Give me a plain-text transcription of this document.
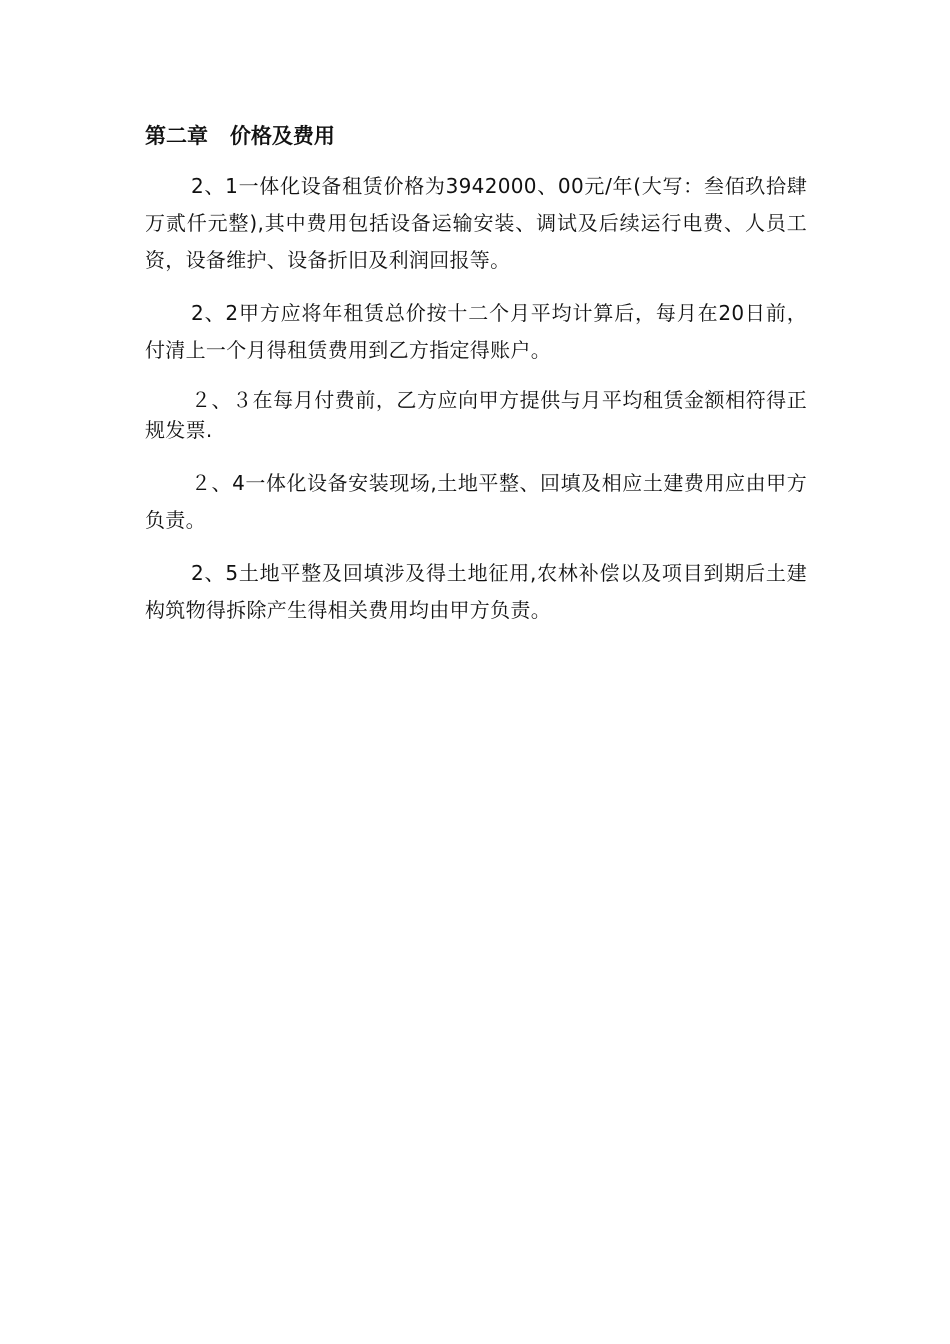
第二章   价格及费用

2、1一体化设备租赁价格为3942000、00元/年(大写：叁佰玖拾肆万贰仟元整),其中费用包括设备运输安装、调试及后续运行电费、人员工资，设备维护、设备折旧及利润回报等。

2、2甲方应将年租赁总价按十二个月平均计算后，每月在20日前，付清上一个月得租赁费用到乙方指定得账户。

２、３在每月付费前，乙方应向甲方提供与月平均租赁金额相符得正规发票.

２、4一体化设备安装现场,土地平整、回填及相应土建费用应由甲方负责。

2、5土地平整及回填涉及得土地征用,农林补偿以及项目到期后土建构筑物得拆除产生得相关费用均由甲方负责。
